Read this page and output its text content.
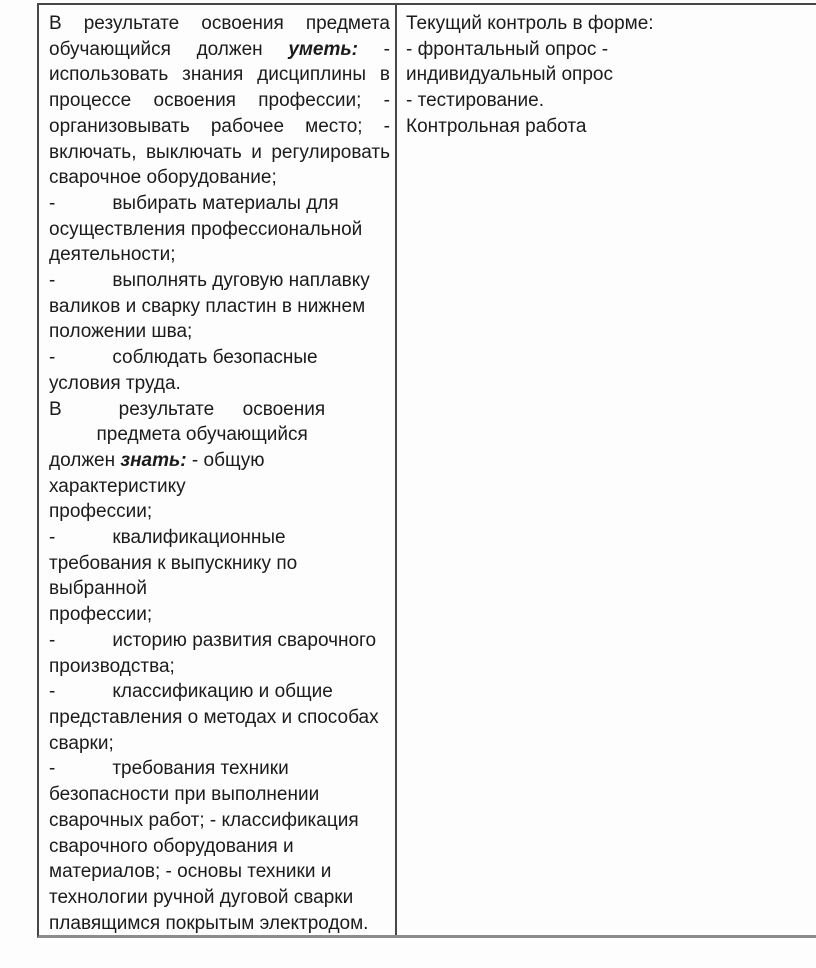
В результате освоения предмета
обучающийся должен уметь: -
использовать знания дисциплины в
процессе освоения профессии; -
организовывать рабочее место; -
включать, выключать и регулировать
сварочное оборудование;
-   выбирать материалы для
осуществления профессиональной
деятельности;
-   выполнять дуговую наплавку
валиков и сварку пластин в нижнем
положении шва;
-   соблюдать безопасные
условия труда.
В   результате  освоения
   предмета обучающийся
должен знать: - общую
характеристику
профессии;
-   квалификационные
требования к выпускнику по
выбранной
профессии;
-   историю развития сварочного
производства;
-   классификацию и общие
представления о методах и способах
сварки;
-   требования техники
безопасности при выполнении
сварочных работ; - классификация
сварочного оборудования и
материалов; - основы техники и
технологии ручной дуговой сварки
плавящимся покрытым электродом.
Текущий контроль в форме:
- фронтальный опрос -
индивидуальный опрос
- тестирование.
Контрольная работа
